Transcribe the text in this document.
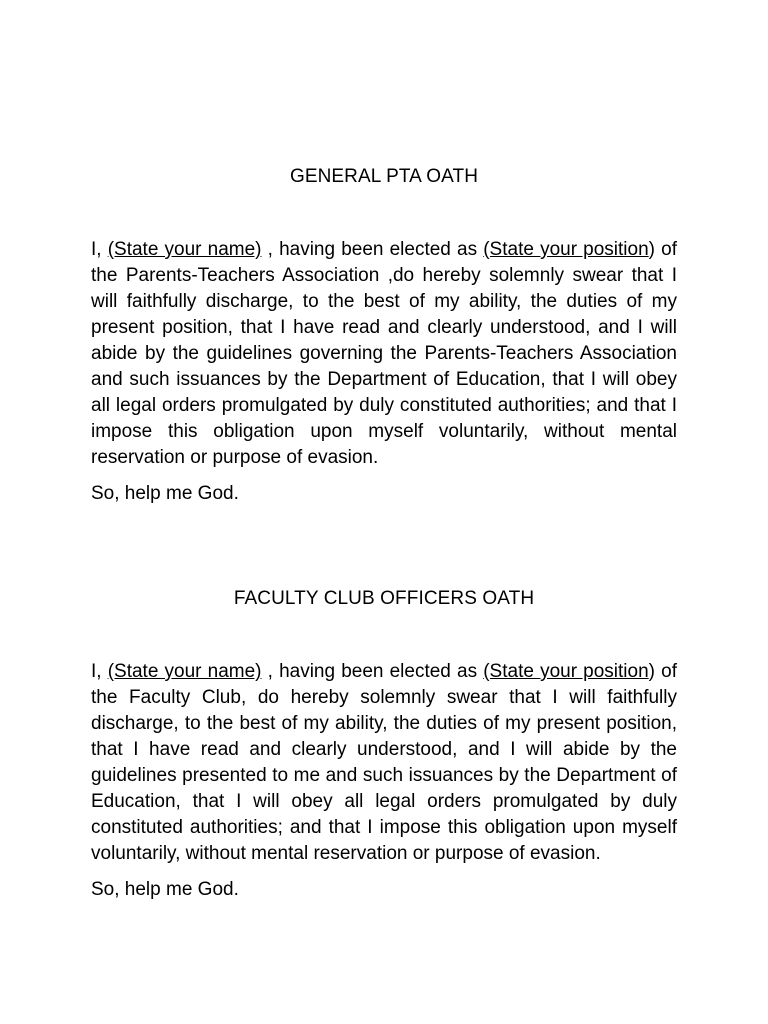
GENERAL PTA OATH

I, (State your name) , having been elected as (State your position) of the Parents-Teachers Association ,do hereby solemnly swear that I will faithfully discharge, to the best of my ability, the duties of my present position, that I have read and clearly understood, and I will abide by the guidelines governing the Parents-Teachers Association and such issuances by the Department of Education, that I will obey all legal orders promulgated by duly constituted authorities; and that I impose this obligation upon myself voluntarily, without mental reservation or purpose of evasion.

So, help me God.

FACULTY CLUB OFFICERS OATH

I, (State your name) , having been elected as (State your position) of the Faculty Club, do hereby solemnly swear that I will faithfully discharge, to the best of my ability, the duties of my present position, that I have read and clearly understood, and I will abide by the guidelines presented to me and such issuances by the Department of Education, that I will obey all legal orders promulgated by duly constituted authorities; and that I impose this obligation upon myself voluntarily, without mental reservation or purpose of evasion.

So, help me God.
